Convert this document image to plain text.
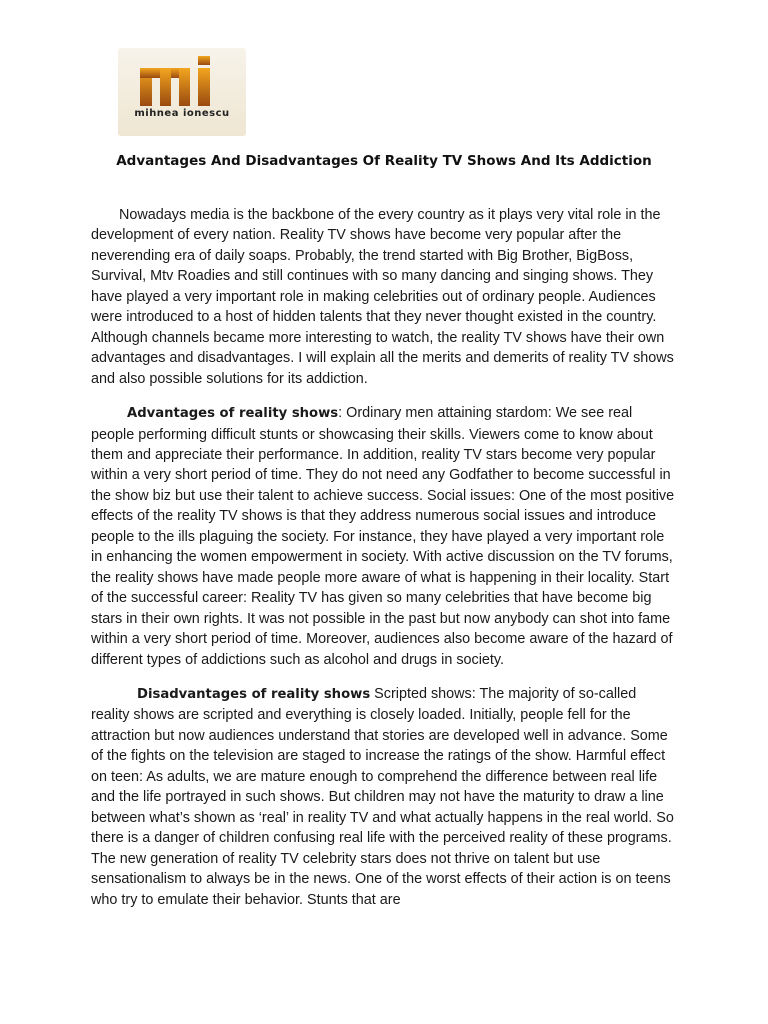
mihnea ionescu
Advantages And Disadvantages Of Reality TV Shows And Its Addiction

Nowadays media is the backbone of the every country as it plays very vital role in the development of every nation. Reality TV shows have become very popular after the neverending era of daily soaps. Probably, the trend started with Big Brother, BigBoss, Survival, Mtv Roadies and still continues with so many dancing and singing shows. They have played a very important role in making celebrities out of ordinary people. Audiences were introduced to a host of hidden talents that they never thought existed in the country. Although channels became more interesting to watch, the reality TV shows have their own advantages and disadvantages. I will explain all the merits and demerits of reality TV shows and also possible solutions for its addiction.

Advantages of reality shows: Ordinary men attaining stardom: We see real people performing difficult stunts or showcasing their skills. Viewers come to know about them and appreciate their performance. In addition, reality TV stars become very popular within a very short period of time. They do not need any Godfather to become successful in the show biz but use their talent to achieve success. Social issues: One of the most positive effects of the reality TV shows is that they address numerous social issues and introduce people to the ills plaguing the society. For instance, they have played a very important role in enhancing the women empowerment in society. With active discussion on the TV forums, the reality shows have made people more aware of what is happening in their locality. Start of the successful career: Reality TV has given so many celebrities that have become big stars in their own rights. It was not possible in the past but now anybody can shot into fame within a very short period of time. Moreover, audiences also become aware of the hazard of different types of addictions such as alcohol and drugs in society.

Disadvantages of reality shows Scripted shows: The majority of so-called reality shows are scripted and everything is closely loaded. Initially, people fell for the attraction but now audiences understand that stories are developed well in advance. Some of the fights on the television are staged to increase the ratings of the show. Harmful effect on teen: As adults, we are mature enough to comprehend the difference between real life and the life portrayed in such shows. But children may not have the maturity to draw a line between what’s shown as ‘real’ in reality TV and what actually happens in the real world. So there is a danger of children confusing real life with the perceived reality of these programs. The new generation of reality TV celebrity stars does not thrive on talent but use sensationalism to always be in the news. One of the worst effects of their action is on teens who try to emulate their behavior. Stunts that are
